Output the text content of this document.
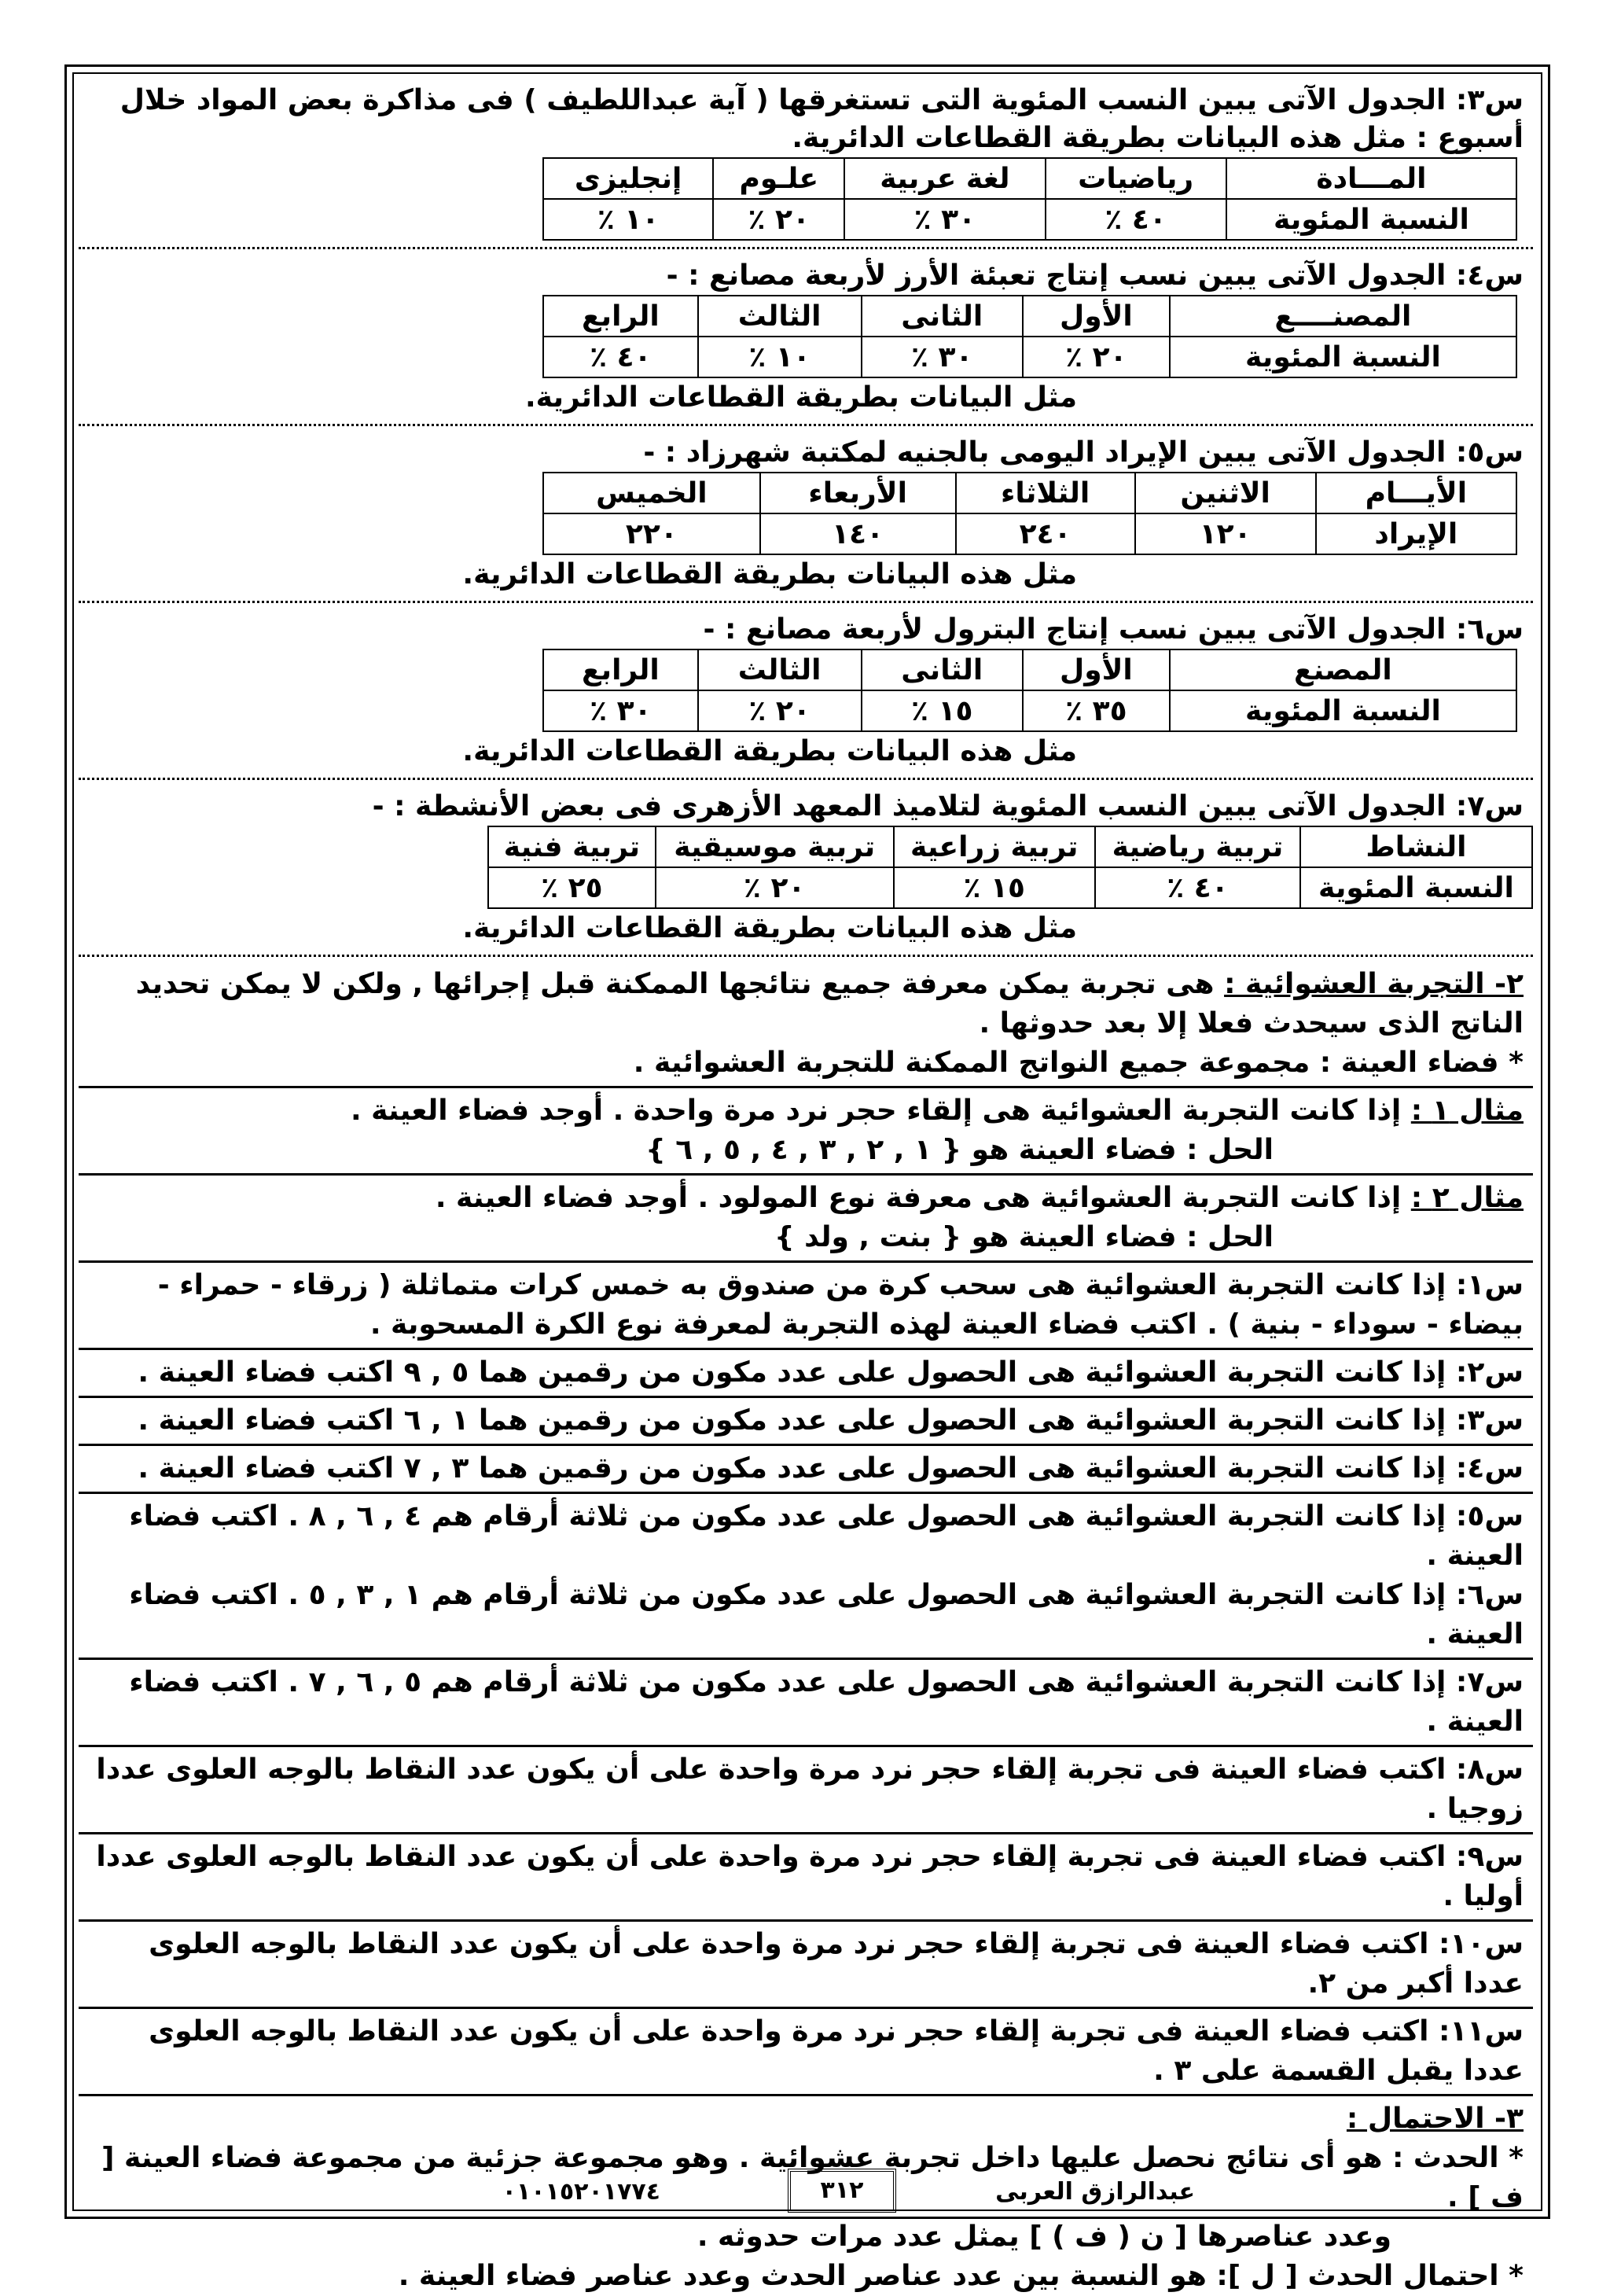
س٣: الجدول الآتى يبين النسب المئوية التى تستغرقها ( آية عبداللطيف ) فى مذاكرة بعض المواد خلال أسبوع : مثل هذه البيانات بطريقة القطاعات الدائرية.
المـــادة	رياضيات	لغة عربية	علـوم	إنجليزى
النسبة المئوية	٤٠ ٪	٣٠ ٪	٢٠ ٪	١٠ ٪
س٤: الجدول الآتى يبين نسب إنتاج تعبئة الأرز لأربعة مصانع : -
المصنــــع	الأول	الثانى	الثالث	الرابع
النسبة المئوية	٢٠ ٪	٣٠ ٪	١٠ ٪	٤٠ ٪
مثل البيانات بطريقة القطاعات الدائرية.
س٥: الجدول الآتى يبين الإيراد اليومى بالجنيه لمكتبة شهرزاد : -
الأيـــام	الاثنين	الثلاثاء	الأربعاء	الخميس
الإيراد	١٢٠	٢٤٠	١٤٠	٢٢٠
مثل هذه البيانات بطريقة القطاعات الدائرية.
س٦: الجدول الآتى يبين نسب إنتاج البترول لأربعة مصانع : -
المصنع	الأول	الثانى	الثالث	الرابع
النسبة المئوية	٣٥ ٪	١٥ ٪	٢٠ ٪	٣٠ ٪
مثل هذه البيانات بطريقة القطاعات الدائرية.
س٧: الجدول الآتى يبين النسب المئوية لتلاميذ المعهد الأزهرى فى بعض الأنشطة : -
النشاط	تربية رياضية	تربية زراعية	تربية موسيقية	تربية فنية
النسبة المئوية	٤٠ ٪	١٥ ٪	٢٠ ٪	٢٥ ٪
مثل هذه البيانات بطريقة القطاعات الدائرية.
٢- التجربة العشوائية : هى تجربة يمكن معرفة جميع نتائجها الممكنة قبل إجرائها , ولكن لا يمكن تحديد الناتج الذى سيحدث فعلا إلا بعد حدوثها .
* فضاء العينة : مجموعة جميع النواتج الممكنة للتجربة العشوائية .
مثال ١ : إذا كانت التجربة العشوائية هى إلقاء حجر نرد مرة واحدة . أوجد فضاء العينة .
الحل : فضاء العينة هو { ١ , ٢ , ٣ , ٤ , ٥ , ٦ }
مثال ٢ : إذا كانت التجربة العشوائية هى معرفة نوع المولود . أوجد فضاء العينة .
الحل : فضاء العينة هو { بنت , ولد }
س١: إذا كانت التجربة العشوائية هى سحب كرة من صندوق به خمس كرات متماثلة ( زرقاء - حمراء - بيضاء - سوداء - بنية ) . اكتب فضاء العينة لهذه التجربة لمعرفة نوع الكرة المسحوبة .
س٢: إذا كانت التجربة العشوائية هى الحصول على عدد مكون من رقمين هما ٥ , ٩ اكتب فضاء العينة .
س٣: إذا كانت التجربة العشوائية هى الحصول على عدد مكون من رقمين هما ١ , ٦ اكتب فضاء العينة .
س٤: إذا كانت التجربة العشوائية هى الحصول على عدد مكون من رقمين هما ٣ , ٧ اكتب فضاء العينة .
س٥: إذا كانت التجربة العشوائية هى الحصول على عدد مكون من ثلاثة أرقام هم ٤ , ٦ , ٨ . اكتب فضاء العينة .
س٦: إذا كانت التجربة العشوائية هى الحصول على عدد مكون من ثلاثة أرقام هم ١ , ٣ , ٥ . اكتب فضاء العينة .
س٧: إذا كانت التجربة العشوائية هى الحصول على عدد مكون من ثلاثة أرقام هم ٥ , ٦ , ٧ . اكتب فضاء العينة .
س٨: اكتب فضاء العينة فى تجربة إلقاء حجر نرد مرة واحدة على أن يكون عدد النقاط بالوجه العلوى عددا زوجيا .
س٩: اكتب فضاء العينة فى تجربة إلقاء حجر نرد مرة واحدة على أن يكون عدد النقاط بالوجه العلوى عددا أوليا .
س١٠: اكتب فضاء العينة فى تجربة إلقاء حجر نرد مرة واحدة على أن يكون عدد النقاط بالوجه العلوى عددا أكبر من ٢.
س١١: اكتب فضاء العينة فى تجربة إلقاء حجر نرد مرة واحدة على أن يكون عدد النقاط بالوجه العلوى عددا يقبل القسمة على ٣ .
٣- الاحتمال :
* الحدث : هو أى نتائج نحصل عليها داخل تجربة عشوائية . وهو مجموعة جزئية من مجموعة فضاء العينة [ ف ] .
وعدد عناصرها [ ن ( ف ) ] يمثل عدد مرات حدوثه .
* احتمال الحدث [ ل ]: هو النسبة بين عدد عناصر الحدث وعدد عناصر فضاء العينة .
عبدالرازق العربى
٣١٢
٠١٠١٥٢٠١٧٧٤
